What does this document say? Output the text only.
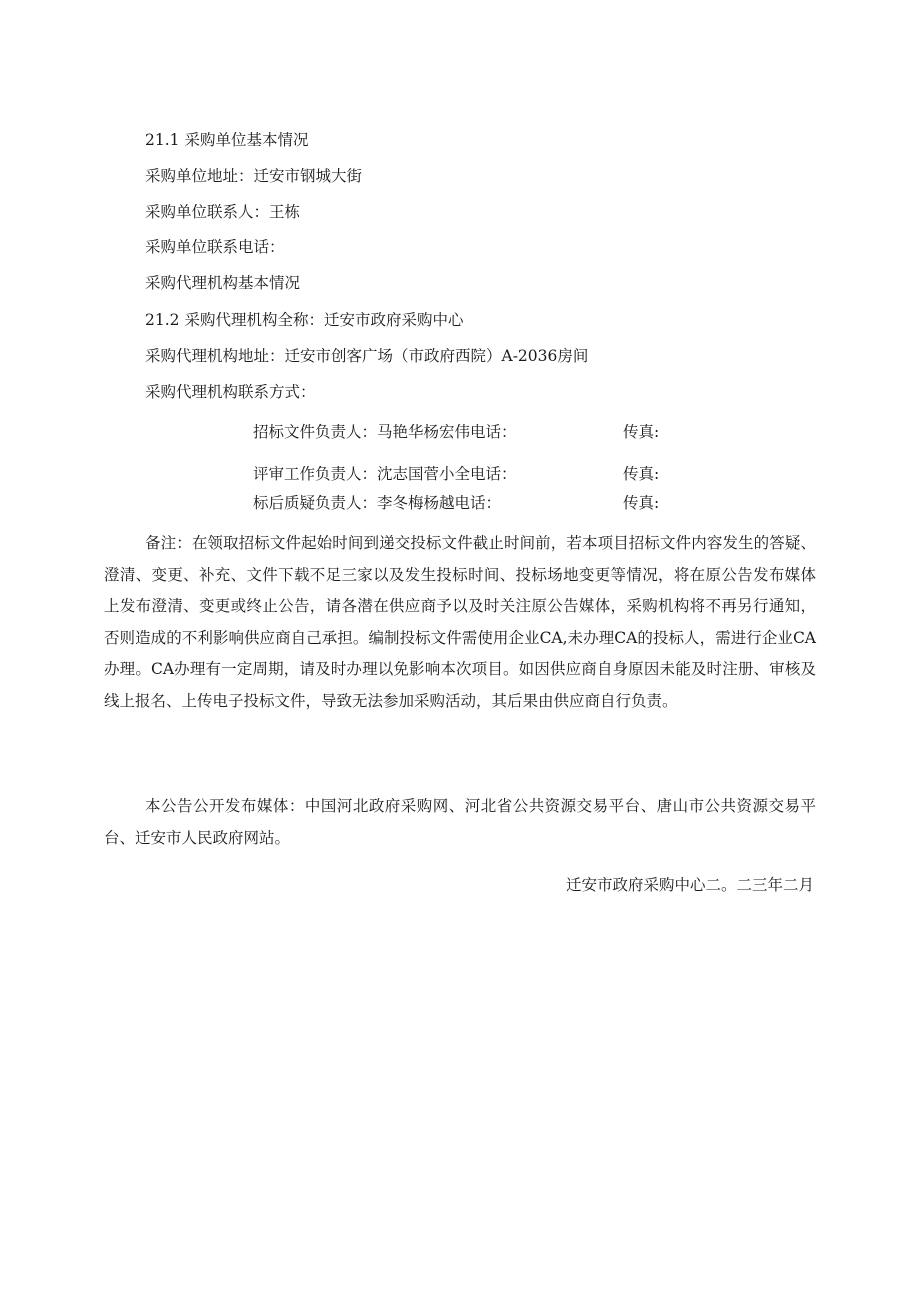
21.1 采购单位基本情况
采购单位地址：迁安市钢城大街
采购单位联系人：王栋
采购单位联系电话：
采购代理机构基本情况
21.2 采购代理机构全称：迁安市政府采购中心
采购代理机构地址：迁安市创客广场（市政府西院）A-2036房间
采购代理机构联系方式：
招标文件负责人：马艳华杨宏伟电话：	传真:
评审工作负责人：沈志国菅小全电话：	传真:
标后质疑负责人：李冬梅杨越电话：	传真:
备注：在领取招标文件起始时间到递交投标文件截止时间前，若本项目招标文件内容发生的答疑、澄清、变更、补充、文件下载不足三家以及发生投标时间、投标场地变更等情况，将在原公告发布媒体上发布澄清、变更或终止公告，请各潜在供应商予以及时关注原公告媒体，采购机构将不再另行通知，否则造成的不利影响供应商自己承担。编制投标文件需使用企业CA,未办理CA的投标人，需进行企业CA办理。CA办理有一定周期，请及时办理以免影响本次项目。如因供应商自身原因未能及时注册、审核及线上报名、上传电子投标文件，导致无法参加采购活动，其后果由供应商自行负责。
本公告公开发布媒体：中国河北政府采购网、河北省公共资源交易平台、唐山市公共资源交易平台、迁安市人民政府网站。
迁安市政府采购中心二。二三年二月
